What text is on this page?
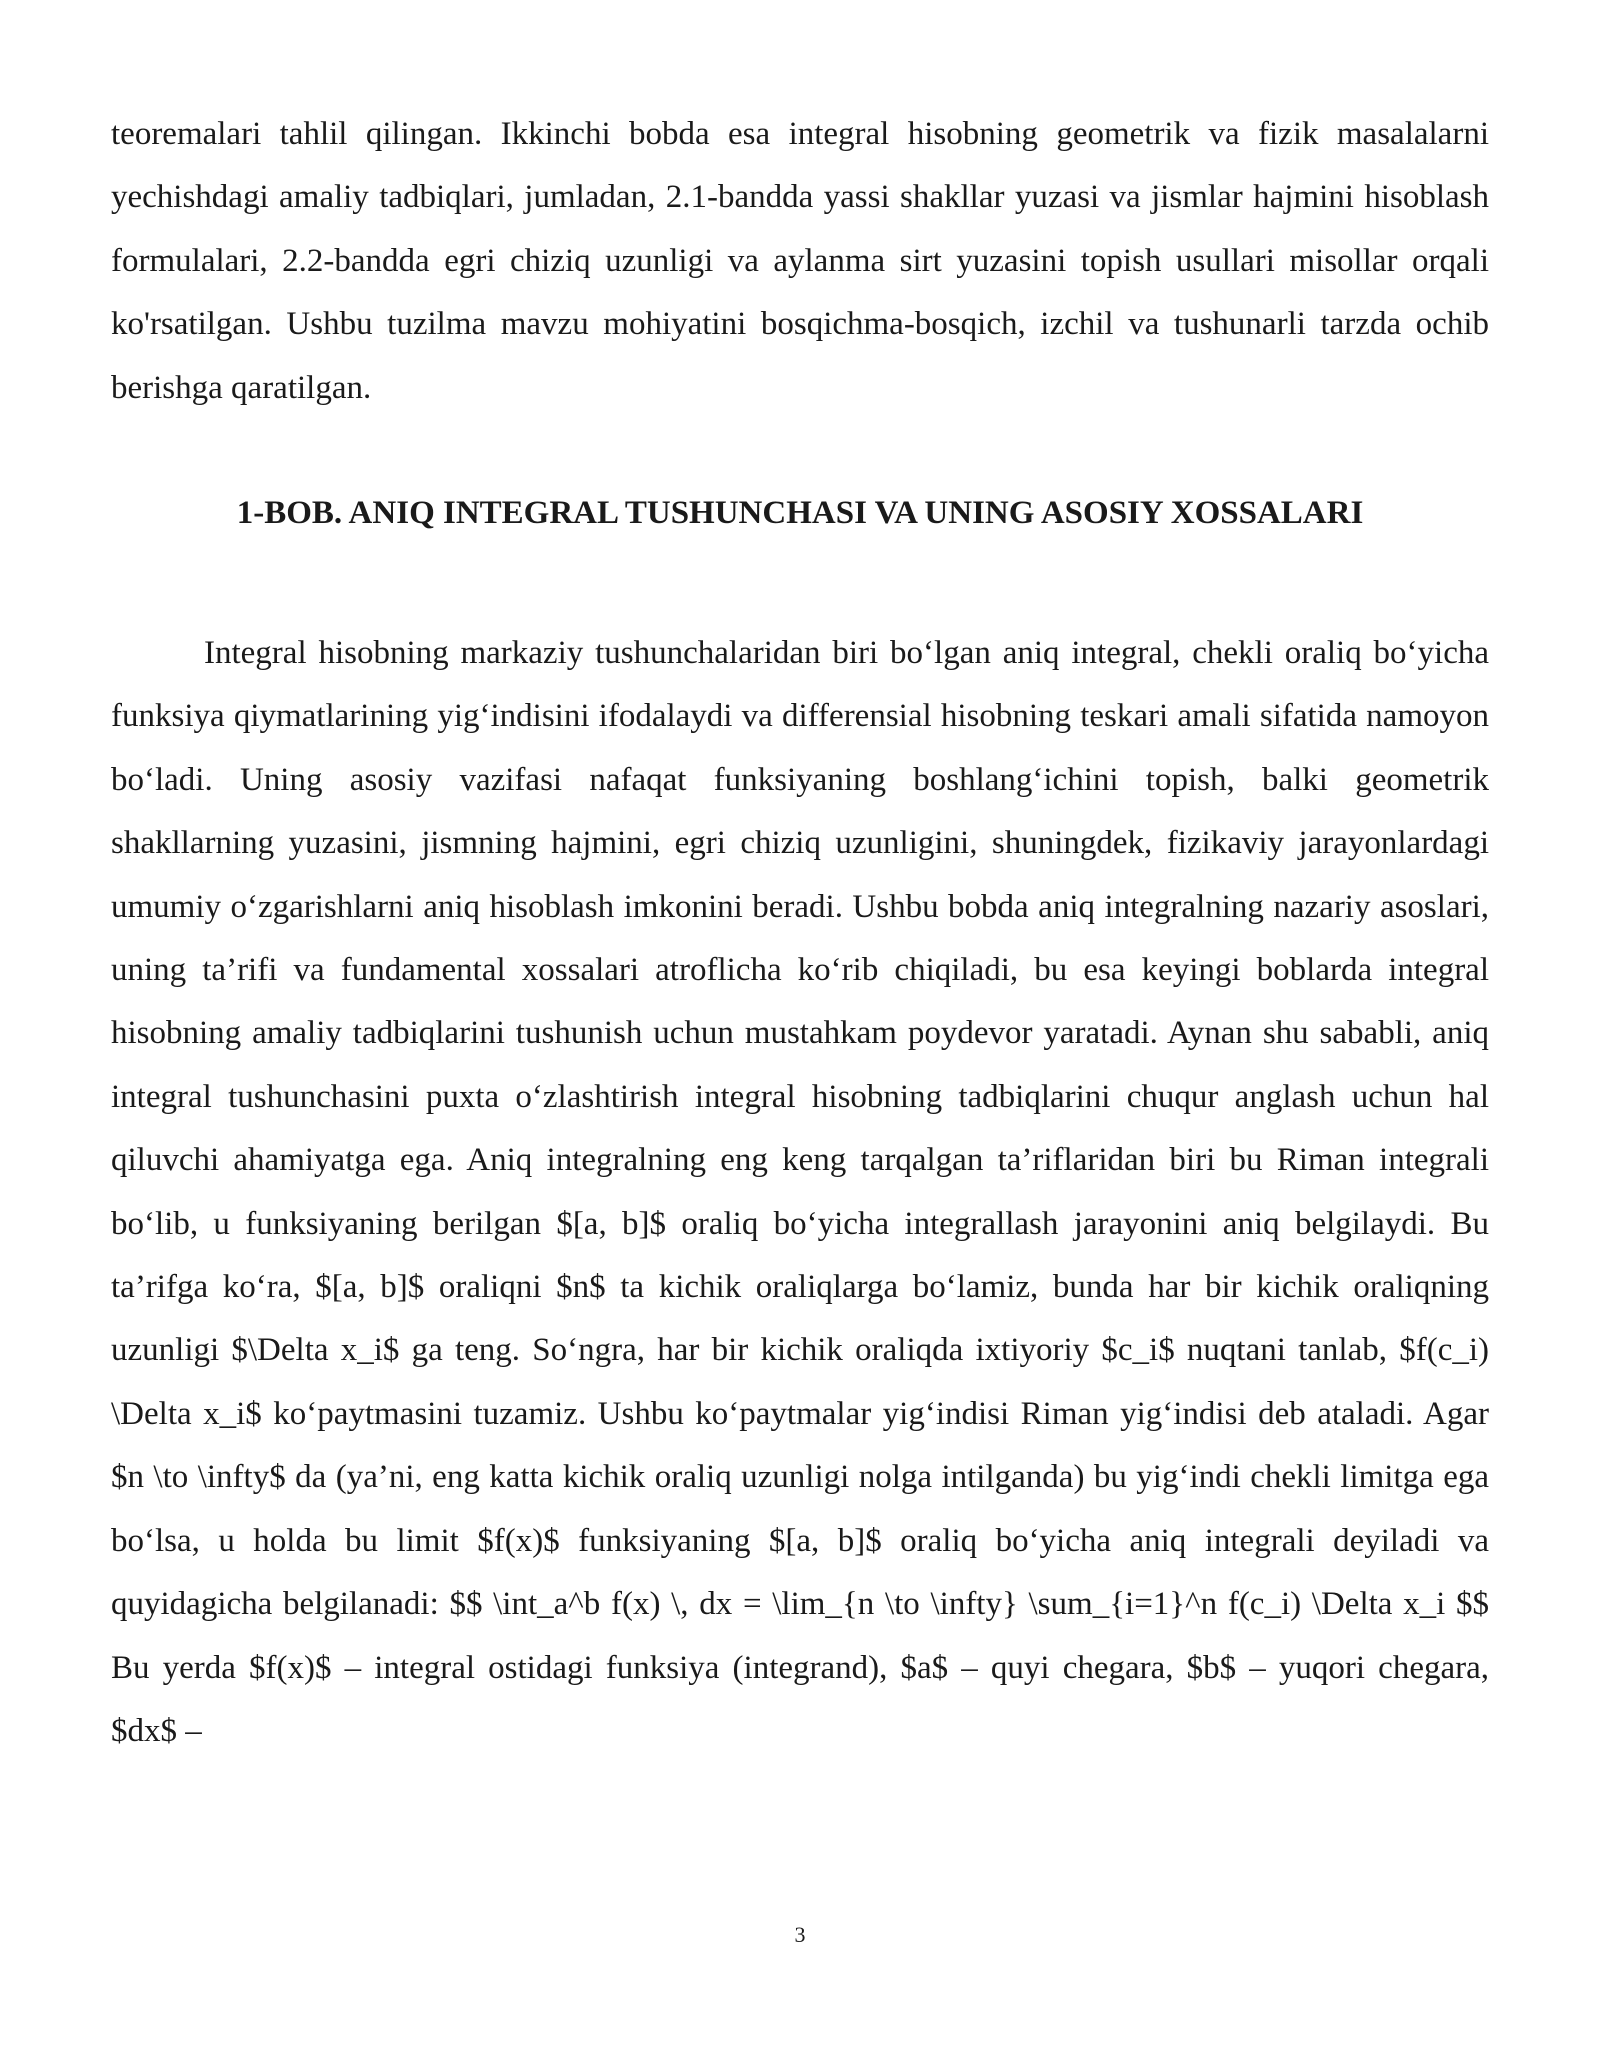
teoremalari tahlil qilingan. Ikkinchi bobda esa integral hisobning geometrik va fizik masalalarni yechishdagi amaliy tadbiqlari, jumladan, 2.1-bandda yassi shakllar yuzasi va jismlar hajmini hisoblash formulalari, 2.2-bandda egri chiziq uzunligi va aylanma sirt yuzasini topish usullari misollar orqali ko'rsatilgan. Ushbu tuzilma mavzu mohiyatini bosqichma-bosqich, izchil va tushunarli tarzda ochib berishga qaratilgan.

1-BOB. ANIQ INTEGRAL TUSHUNCHASI VA UNING ASOSIY XOSSALARI

Integral hisobning markaziy tushunchalaridan biri bo‘lgan aniq integral, chekli oraliq bo‘yicha funksiya qiymatlarining yig‘indisini ifodalaydi va differensial hisobning teskari amali sifatida namoyon bo‘ladi. Uning asosiy vazifasi nafaqat funksiyaning boshlang‘ichini topish, balki geometrik shakllarning yuzasini, jismning hajmini, egri chiziq uzunligini, shuningdek, fizikaviy jarayonlardagi umumiy o‘zgarishlarni aniq hisoblash imkonini beradi. Ushbu bobda aniq integralning nazariy asoslari, uning ta’rifi va fundamental xossalari atroflicha ko‘rib chiqiladi, bu esa keyingi boblarda integral hisobning amaliy tadbiqlarini tushunish uchun mustahkam poydevor yaratadi. Aynan shu sababli, aniq integral tushunchasini puxta o‘zlashtirish integral hisobning tadbiqlarini chuqur anglash uchun hal qiluvchi ahamiyatga ega. Aniq integralning eng keng tarqalgan ta’riflaridan biri bu Riman integrali bo‘lib, u funksiyaning berilgan $[a, b]$ oraliq bo‘yicha integrallash jarayonini aniq belgilaydi. Bu ta’rifga ko‘ra, $[a, b]$ oraliqni $n$ ta kichik oraliqlarga bo‘lamiz, bunda har bir kichik oraliqning uzunligi $\Delta x_i$ ga teng. So‘ngra, har bir kichik oraliqda ixtiyoriy $c_i$ nuqtani tanlab, $f(c_i) \Delta x_i$ ko‘paytmasini tuzamiz. Ushbu ko‘paytmalar yig‘indisi Riman yig‘indisi deb ataladi. Agar $n \to \infty$ da (ya’ni, eng katta kichik oraliq uzunligi nolga intilganda) bu yig‘indi chekli limitga ega bo‘lsa, u holda bu limit $f(x)$ funksiyaning $[a, b]$ oraliq bo‘yicha aniq integrali deyiladi va quyidagicha belgilanadi: $$ \int_a^b f(x) \, dx = \lim_{n \to \infty} \sum_{i=1}^n f(c_i) \Delta x_i $$ Bu yerda $f(x)$ – integral ostidagi funksiya (integrand), $a$ – quyi chegara, $b$ – yuqori chegara, $dx$ –

3
